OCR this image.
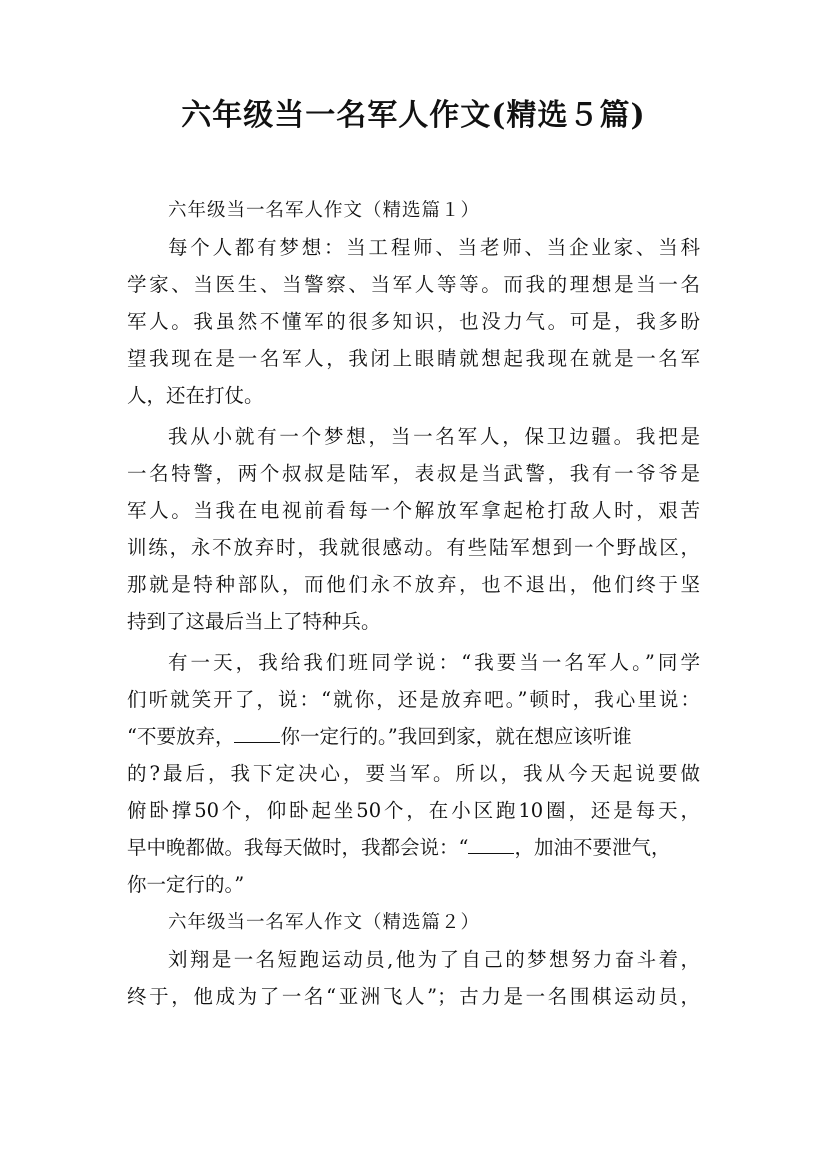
六年级当一名军人作文(精选５篇)
六年级当一名军人作文（精选篇１）
每个人都有梦想：当工程师、当老师、当企业家、当科
学家、当医生、当警察、当军人等等。而我的理想是当一名
军人。我虽然不懂军的很多知识，也没力气。可是，我多盼
望我现在是一名军人，我闭上眼睛就想起我现在就是一名军
人，还在打仗。
我从小就有一个梦想，当一名军人，保卫边疆。我把是
一名特警，两个叔叔是陆军，表叔是当武警，我有一爷爷是
军人。当我在电视前看每一个解放军拿起枪打敌人时，艰苦
训练，永不放弃时，我就很感动。有些陆军想到一个野战区，
那就是特种部队，而他们永不放弃，也不退出，他们终于坚
持到了这最后当上了特种兵。
有一天，我给我们班同学说：“我要当一名军人。”同学
们听就笑开了，说：“就你，还是放弃吧。”顿时，我心里说：
“不要放弃， 你一定行的。”我回到家，就在想应该听谁
的?最后，我下定决心，要当军。所以，我从今天起说要做
俯卧撑50个，仰卧起坐50个，在小区跑10圈，还是每天，
早中晚都做。我每天做时，我都会说：“ ，加油不要泄气，
你一定行的。”
六年级当一名军人作文（精选篇２）
刘翔是一名短跑运动员,他为了自己的梦想努力奋斗着，
终于，他成为了一名“亚洲飞人”；古力是一名围棋运动员，
